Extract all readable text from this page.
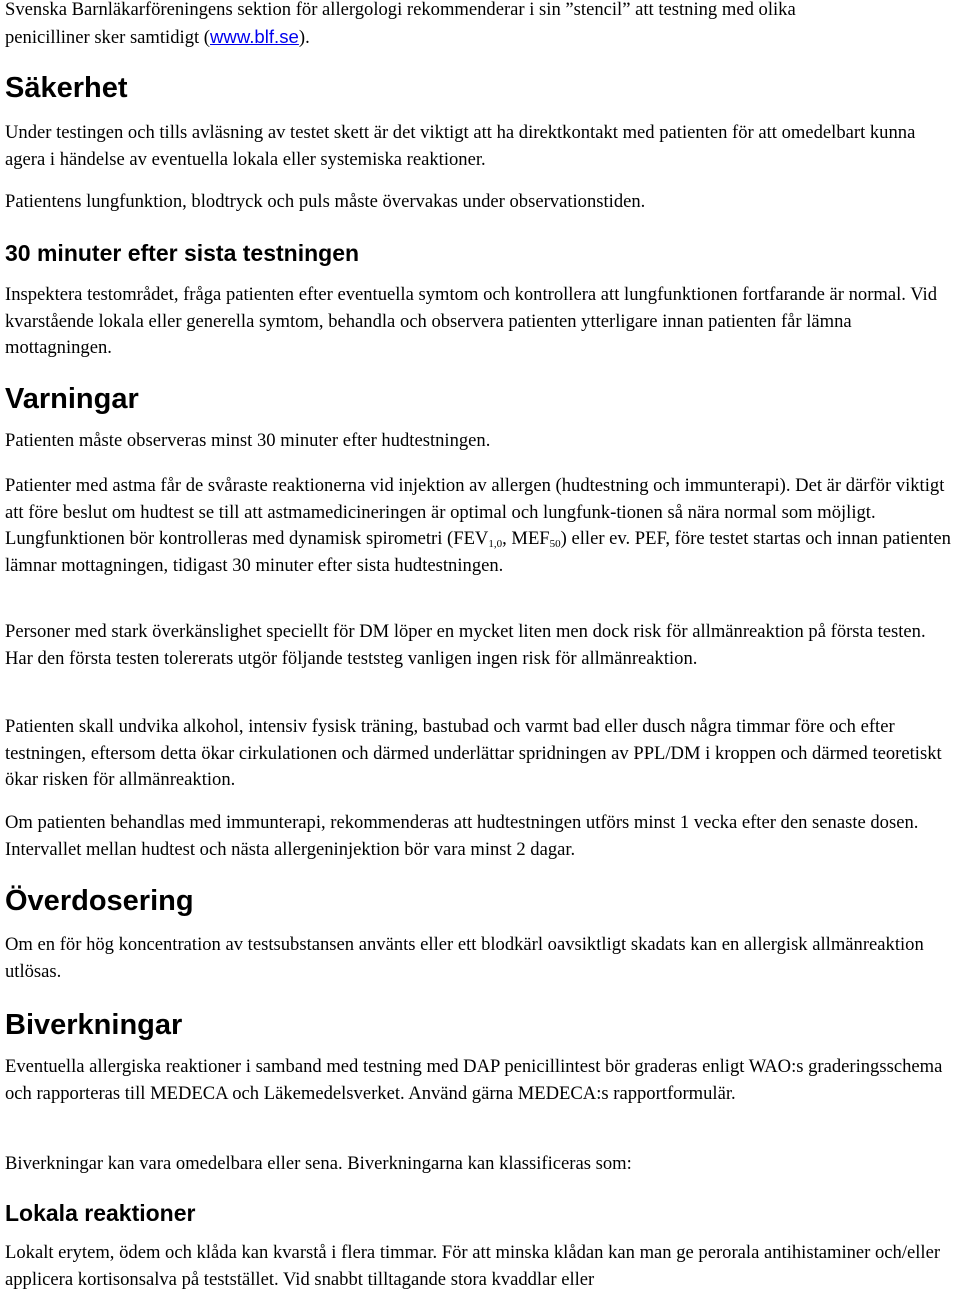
Svenska Barnläkarföreningens sektion för allergologi rekommenderar i sin ”stencil” att testning med olika

penicilliner sker samtidigt (www.blf.se).

Säkerhet

Under testingen och tills avläsning av testet skett är det viktigt att ha direktkontakt med patienten för att omedelbart kunna agera i händelse av eventuella lokala eller systemiska reaktioner.

Patientens lungfunktion, blodtryck och puls måste övervakas under observationstiden.

30 minuter efter sista testningen

Inspektera testområdet, fråga patienten efter eventuella symtom och kontrollera att lungfunktionen fortfarande är normal. Vid kvarstående lokala eller generella symtom, behandla och observera patienten ytterligare innan patienten får lämna mottagningen.

Varningar

Patienten måste observeras minst 30 minuter efter hudtestningen.

Patienter med astma får de svåraste reaktionerna vid injektion av allergen (hudtestning och immunterapi). Det är därför viktigt att före beslut om hudtest se till att astmamedicineringen är optimal och lungfunk-tionen så nära normal som möjligt. Lungfunktionen bör kontrolleras med dynamisk spirometri ($FEV_{1,0}$, $MEF_{50}$) eller ev. PEF, före testet startas och innan patienten lämnar mottagningen, tidigast 30 minuter efter sista hudtestningen.

Personer med stark överkänslighet speciellt för DM löper en mycket liten men dock risk för allmänreaktion på första testen. Har den första testen tolererats utgör följande teststeg vanligen ingen risk för allmänreaktion.

Patienten skall undvika alkohol, intensiv fysisk träning, bastubad och varmt bad eller dusch några timmar före och efter testningen, eftersom detta ökar cirkulationen och därmed underlättar spridningen av PPL/DM i kroppen och därmed teoretiskt ökar risken för allmänreaktion.

Om patienten behandlas med immunterapi, rekommenderas att hudtestningen utförs minst 1 vecka efter den senaste dosen. Intervallet mellan hudtest och nästa allergeninjektion bör vara minst 2 dagar.

Överdosering

Om en för hög koncentration av testsubstansen använts eller ett blodkärl oavsiktligt skadats kan en allergisk allmänreaktion utlösas.

Biverkningar

Eventuella allergiska reaktioner i samband med testning med DAP penicillintest bör graderas enligt WAO:s graderingsschema och rapporteras till MEDECA och Läkemedelsverket. Använd gärna MEDECA:s rapportformulär.

Biverkningar kan vara omedelbara eller sena. Biverkningarna kan klassificeras som:

Lokala reaktioner

Lokalt erytem, ödem och klåda kan kvarstå i flera timmar. För att minska klådan kan man ge perorala antihistaminer och/eller applicera kortisonsalva på teststället. Vid snabbt tilltagande stora kvaddlar eller
